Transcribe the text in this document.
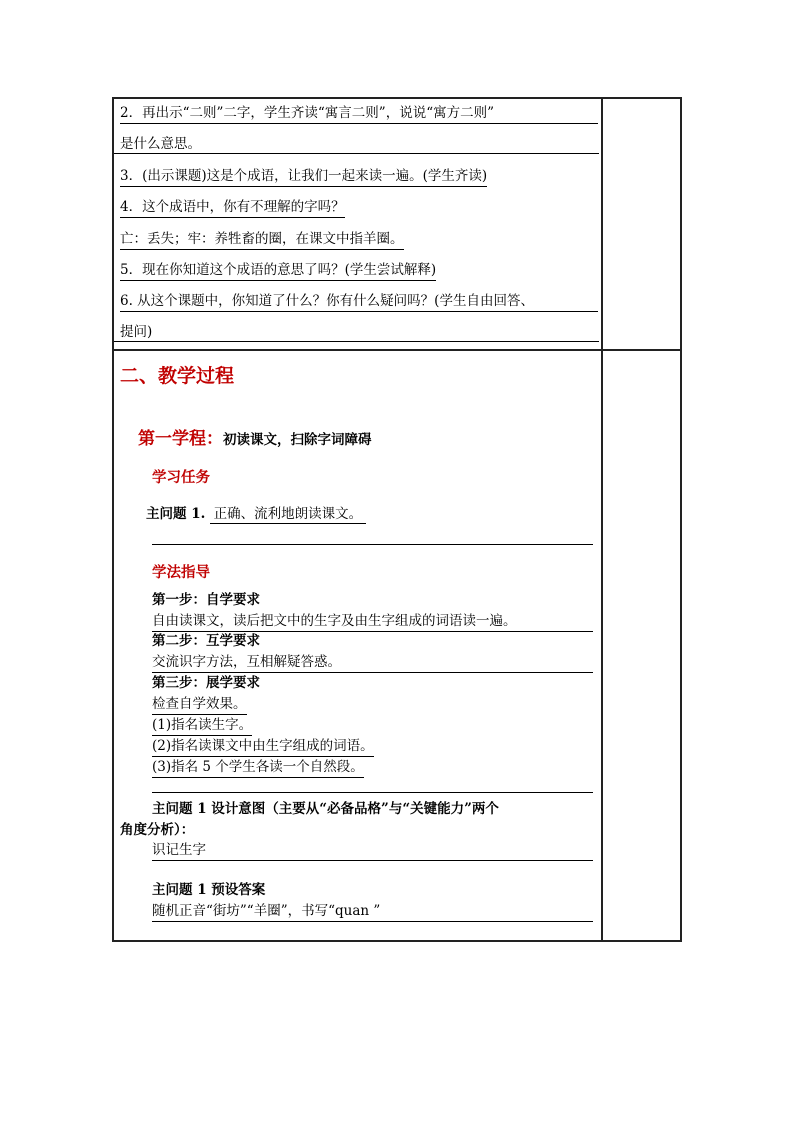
2．再出示“二则”二字，学生齐读“寓言二则”，说说“寓方二则”
是什么意思。
3．(出示课题)这是个成语，让我们一起来读一遍。(学生齐读)
4．这个成语中，你有不理解的字吗？
亡：丢失；牢：养牲畜的圈，在课文中指羊圈。
5．现在你知道这个成语的意思了吗？(学生尝试解释)
6. 从这个课题中，你知道了什么？你有什么疑问吗？(学生自由回答、
提问)
二、教学过程
第一学程：初读课文，扫除字词障碍
学习任务
主问题 1. 正确、流利地朗读课文。
学法指导
第一步：自学要求
自由读课文，读后把文中的生字及由生字组成的词语读一遍。
第二步：互学要求
交流识字方法，互相解疑答惑。
第三步：展学要求
检查自学效果。
(1)指名读生字。
(2)指名读课文中由生字组成的词语。
(3)指名 5 个学生各读一个自然段。
主问题 1 设计意图（主要从“必备品格”与“关键能力”两个
角度分析）：
识记生字
主问题 1 预设答案
随机正音“街坊”“羊圈”，书写“quan ”
